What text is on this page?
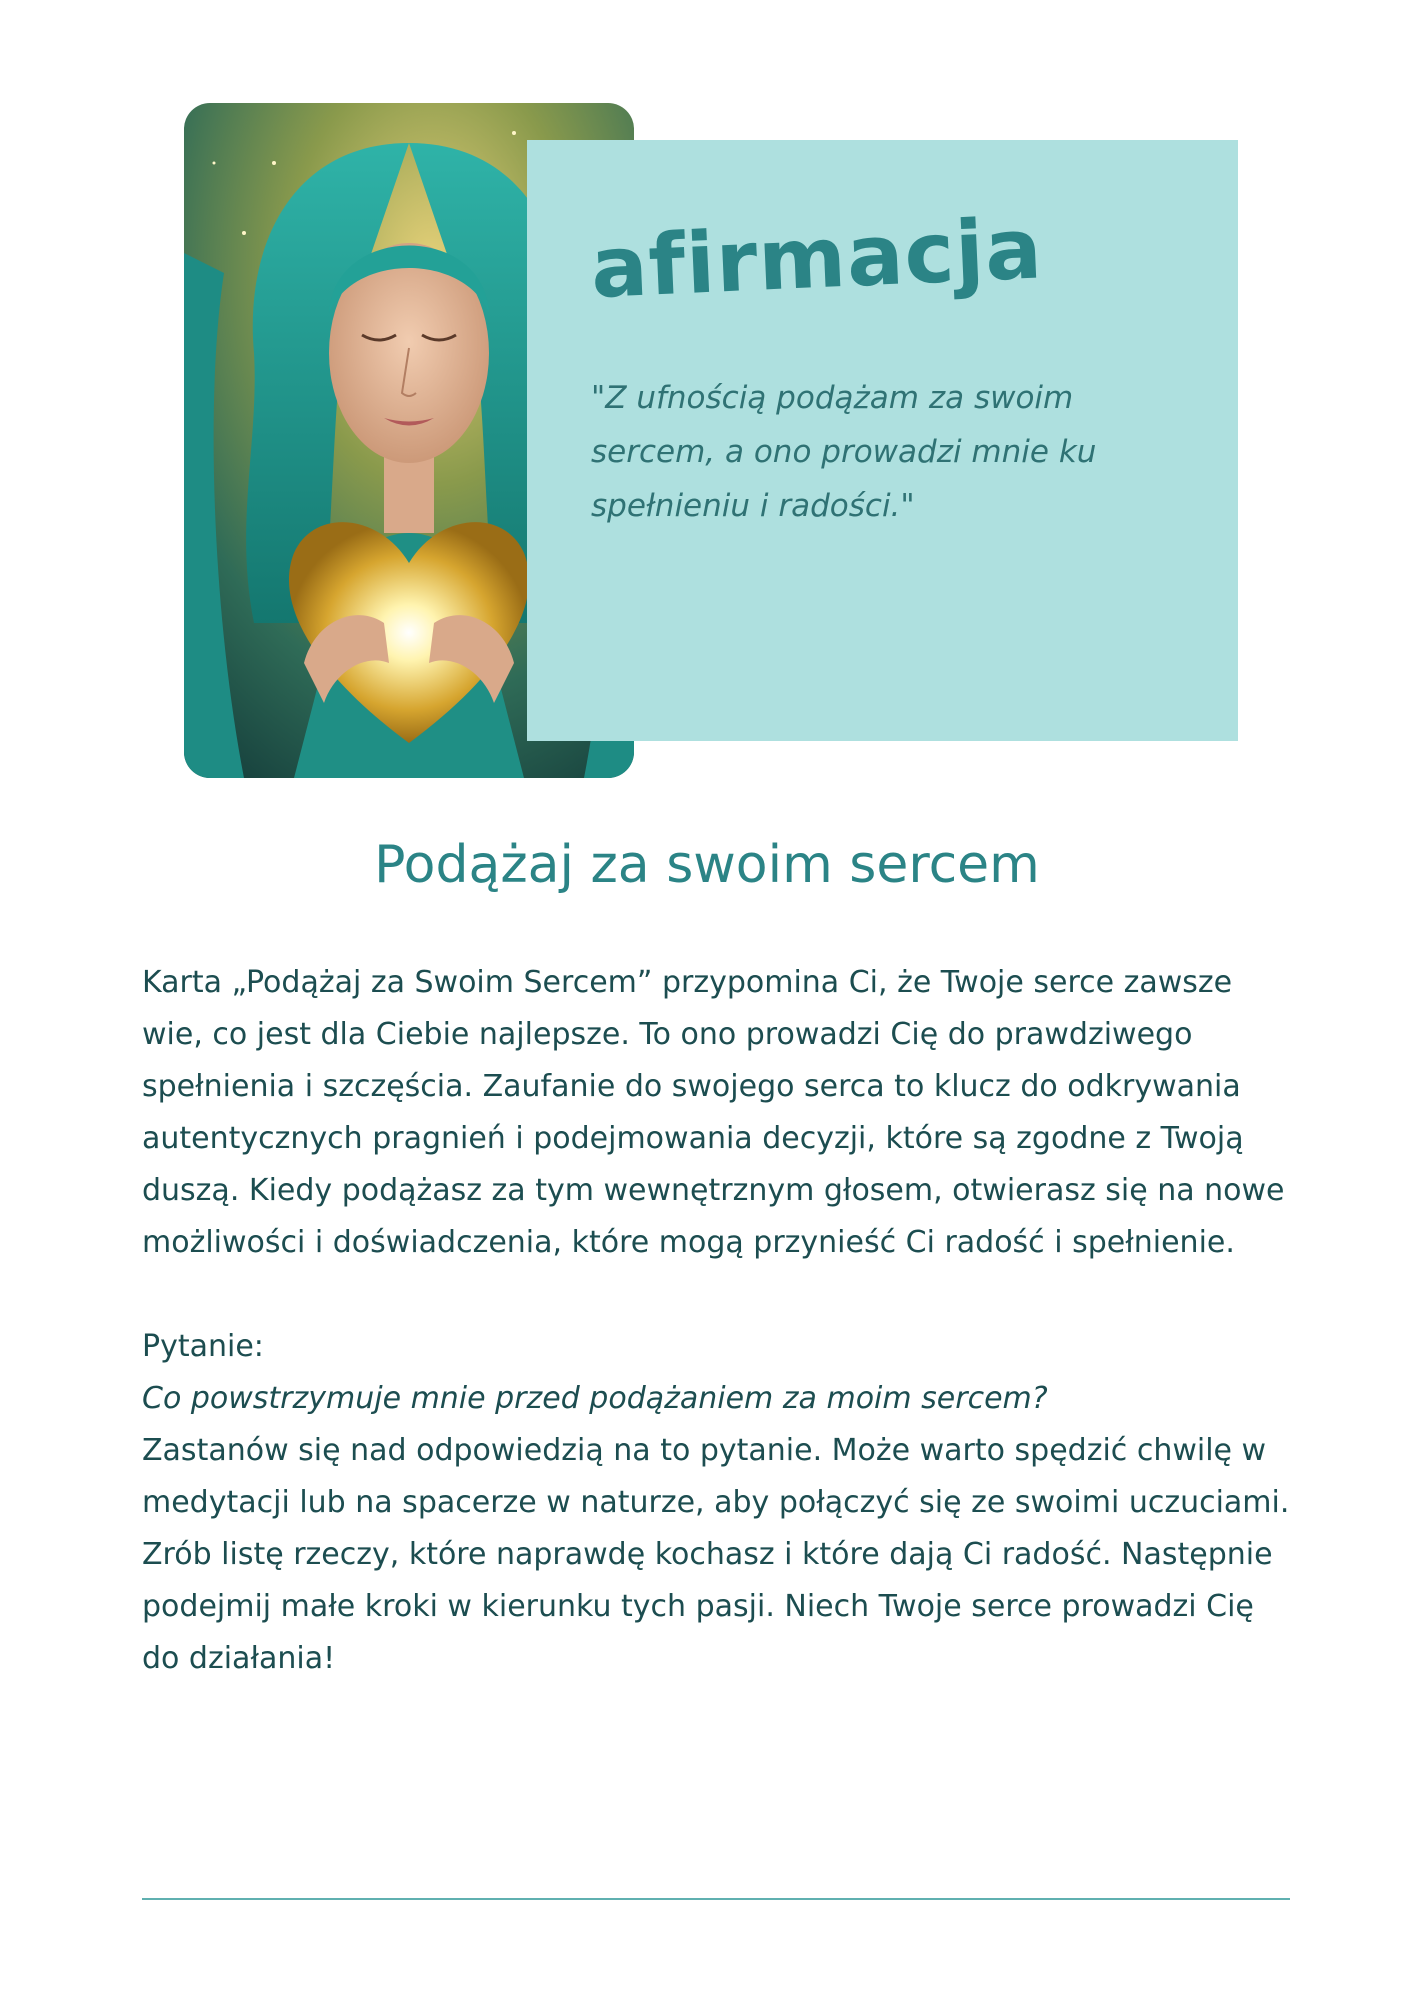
afirmacja

"Z ufnością podążam za swoim sercem, a ono prowadzi mnie ku spełnieniu i radości."

Podążaj za swoim sercem

Karta „Podążaj za Swoim Sercem” przypomina Ci, że Twoje serce zawsze wie, co jest dla Ciebie najlepsze. To ono prowadzi Cię do prawdziwego spełnienia i szczęścia. Zaufanie do swojego serca to klucz do odkrywania autentycznych pragnień i podejmowania decyzji, które są zgodne z Twoją duszą. Kiedy podążasz za tym wewnętrznym głosem, otwierasz się na nowe możliwości i doświadczenia, które mogą przynieść Ci radość i spełnienie.

Pytanie:

Co powstrzymuje mnie przed podążaniem za moim sercem?

Zastanów się nad odpowiedzią na to pytanie. Może warto spędzić chwilę w medytacji lub na spacerze w naturze, aby połączyć się ze swoimi uczuciami. Zrób listę rzeczy, które naprawdę kochasz i które dają Ci radość. Następnie podejmij małe kroki w kierunku tych pasji. Niech Twoje serce prowadzi Cię do działania!
